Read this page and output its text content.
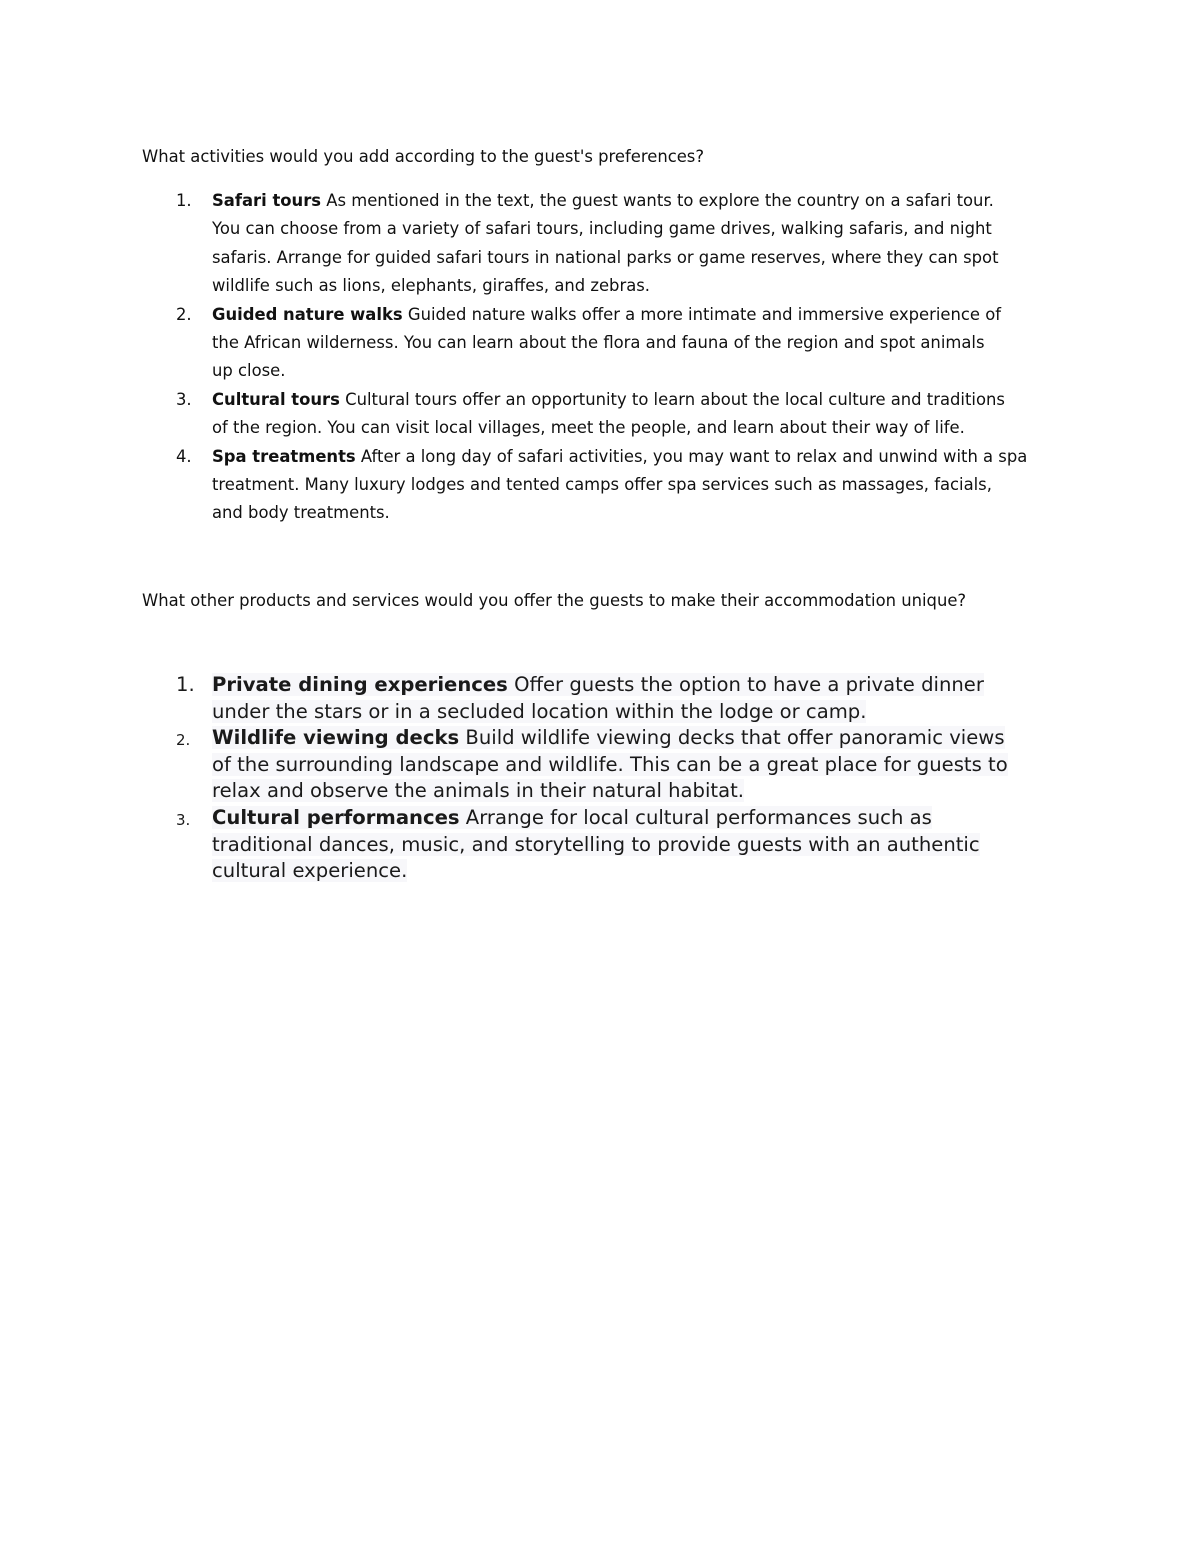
What activities would you add according to the guest's preferences?

1. Safari tours As mentioned in the text, the guest wants to explore the country on a safari tour.
You can choose from a variety of safari tours, including game drives, walking safaris, and night
safaris. Arrange for guided safari tours in national parks or game reserves, where they can spot
wildlife such as lions, elephants, giraffes, and zebras.
2. Guided nature walks Guided nature walks offer a more intimate and immersive experience of
the African wilderness. You can learn about the flora and fauna of the region and spot animals
up close.
3. Cultural tours Cultural tours offer an opportunity to learn about the local culture and traditions
of the region. You can visit local villages, meet the people, and learn about their way of life.
4. Spa treatments After a long day of safari activities, you may want to relax and unwind with a spa
treatment. Many luxury lodges and tented camps offer spa services such as massages, facials,
and body treatments.

What other products and services would you offer the guests to make their accommodation unique?

1. Private dining experiences Offer guests the option to have a private dinner
under the stars or in a secluded location within the lodge or camp.
2. Wildlife viewing decks Build wildlife viewing decks that offer panoramic views
of the surrounding landscape and wildlife. This can be a great place for guests to
relax and observe the animals in their natural habitat.
3. Cultural performances Arrange for local cultural performances such as
traditional dances, music, and storytelling to provide guests with an authentic
cultural experience.
